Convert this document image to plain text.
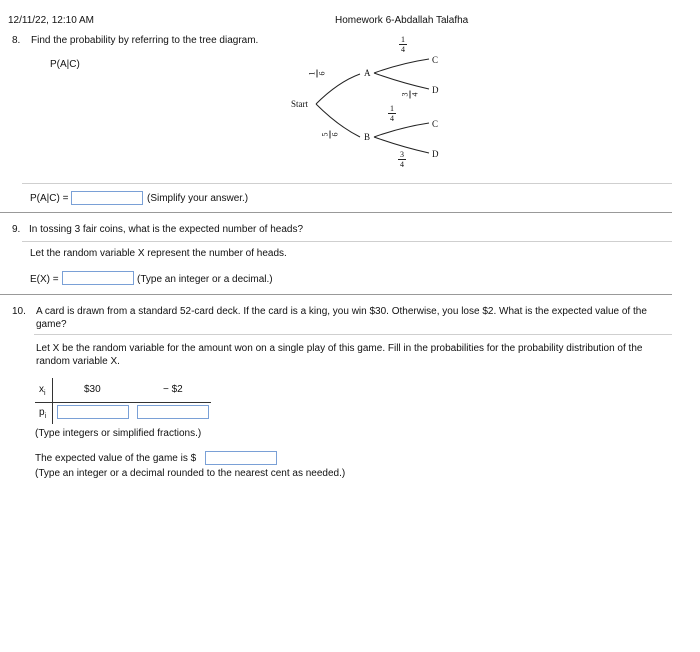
12/11/22, 12:10 AM	Homework 6-Abdallah Talafha
8. Find the probability by referring to the tree diagram.
P(A|C)
Start
A
B
C
D
C
D
1
6
5
6
1
4
3
4
1
4
3
4
P(A|C) =	(Simplify your answer.)
9. In tossing 3 fair coins, what is the expected number of heads?
Let the random variable X represent the number of heads.
E(X) =	(Type an integer or a decimal.)
10. A card is drawn from a standard 52-card deck. If the card is a king, you win $30. Otherwise, you lose $2. What is the expected value of the game?
Let X be the random variable for the amount won on a single play of this game. Fill in the probabilities for the probability distribution of the random variable X.
$x_i$	$30	− $2
$p_i$
(Type integers or simplified fractions.)
The expected value of the game is $
(Type an integer or a decimal rounded to the nearest cent as needed.)
